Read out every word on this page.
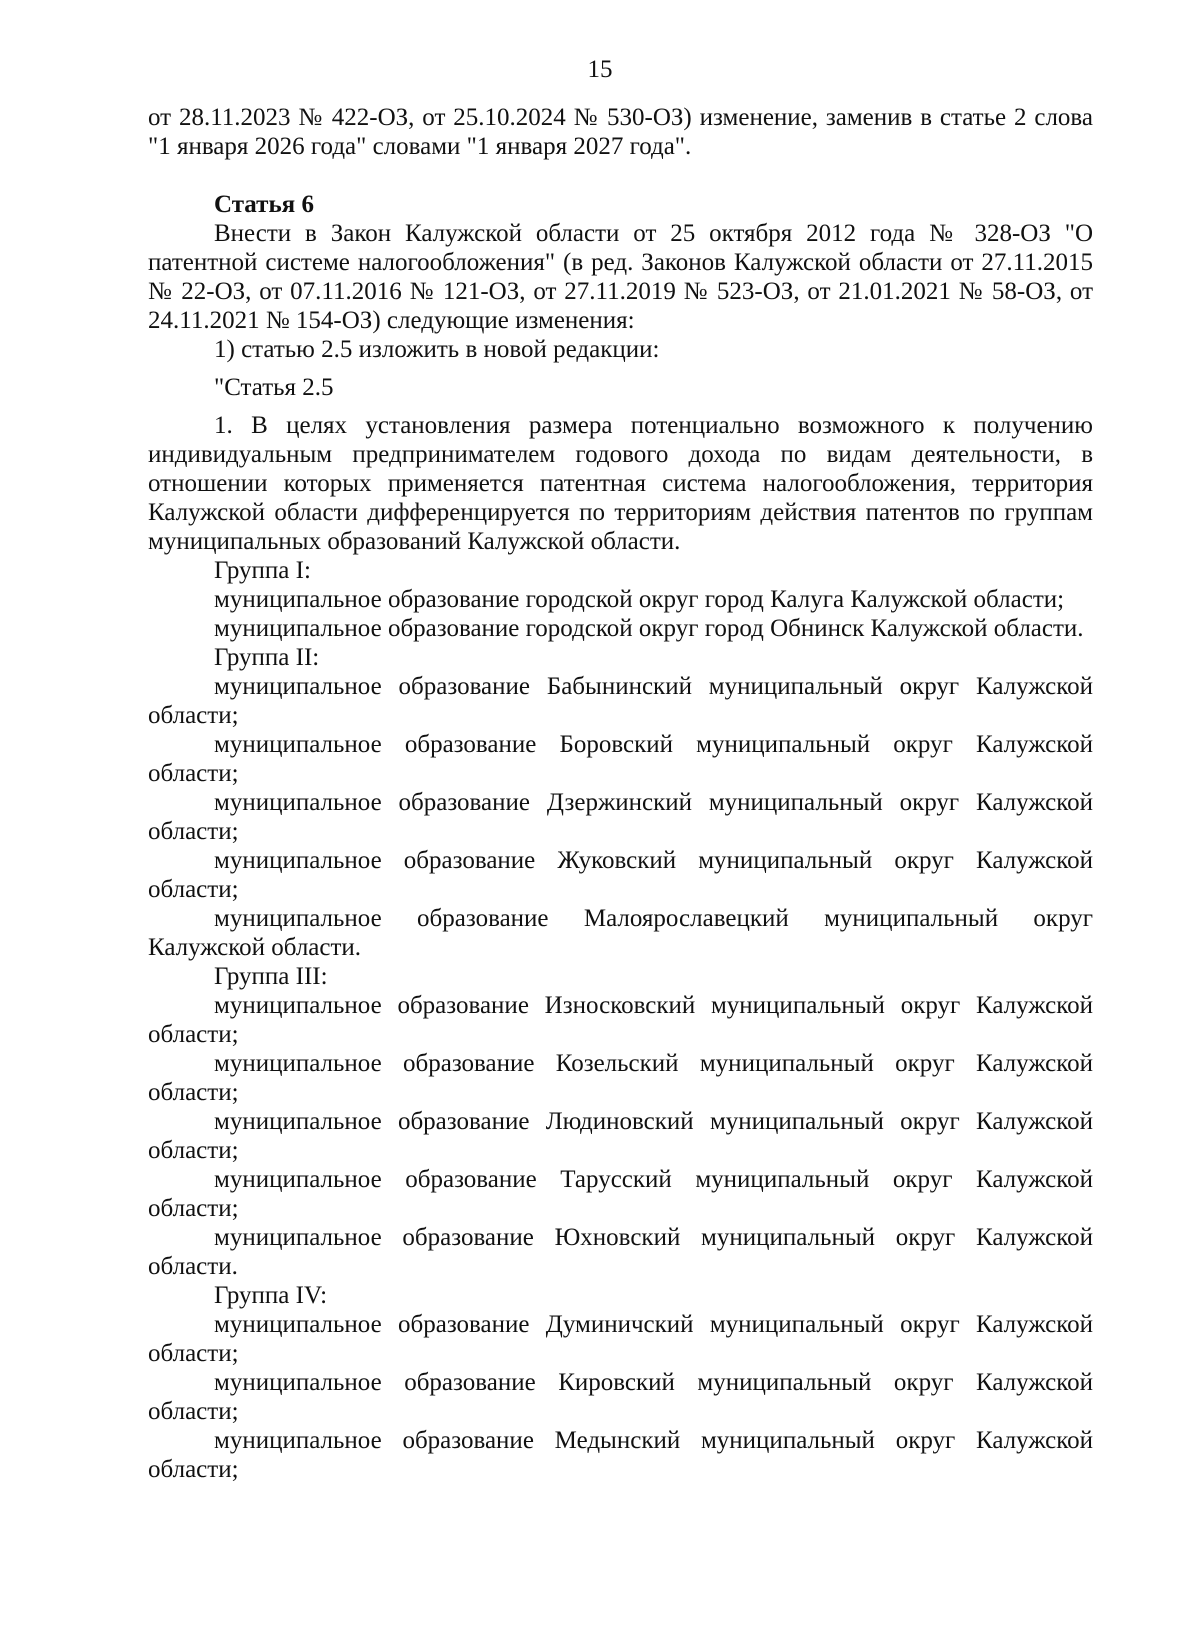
15

от 28.11.2023 № 422-ОЗ, от 25.10.2024 № 530-ОЗ) изменение, заменив в статье 2 слова "1 января 2026 года" словами "1 января 2027 года".

Статья 6

Внести в Закон Калужской области от 25 октября 2012 года № 328-ОЗ "О патентной системе налогообложения" (в ред. Законов Калужской области от 27.11.2015 № 22-ОЗ, от 07.11.2016 № 121-ОЗ, от 27.11.2019 № 523-ОЗ, от 21.01.2021 № 58-ОЗ, от 24.11.2021 № 154-ОЗ) следующие изменения:

1) статью 2.5 изложить в новой редакции:

"Статья 2.5

1. В целях установления размера потенциально возможного к получению индивидуальным предпринимателем годового дохода по видам деятельности, в отношении которых применяется патентная система налогообложения, территория Калужской области дифференцируется по территориям действия патентов по группам муниципальных образований Калужской области.

Группа I:

муниципальное образование городской округ город Калуга Калужской области;

муниципальное образование городской округ город Обнинск Калужской области.

Группа II:

муниципальное образование Бабынинский муниципальный округ Калужской области;

муниципальное образование Боровский муниципальный округ Калужской области;

муниципальное образование Дзержинский муниципальный округ Калужской области;

муниципальное образование Жуковский муниципальный округ Калужской области;

муниципальное образование Малоярославецкий муниципальный округ Калужской области.

Группа III:

муниципальное образование Износковский муниципальный округ Калужской области;

муниципальное образование Козельский муниципальный округ Калужской области;

муниципальное образование Людиновский муниципальный округ Калужской области;

муниципальное образование Тарусский муниципальный округ Калужской области;

муниципальное образование Юхновский муниципальный округ Калужской области.

Группа IV:

муниципальное образование Думиничский муниципальный округ Калужской области;

муниципальное образование Кировский муниципальный округ Калужской области;

муниципальное образование Медынский муниципальный округ Калужской области;
